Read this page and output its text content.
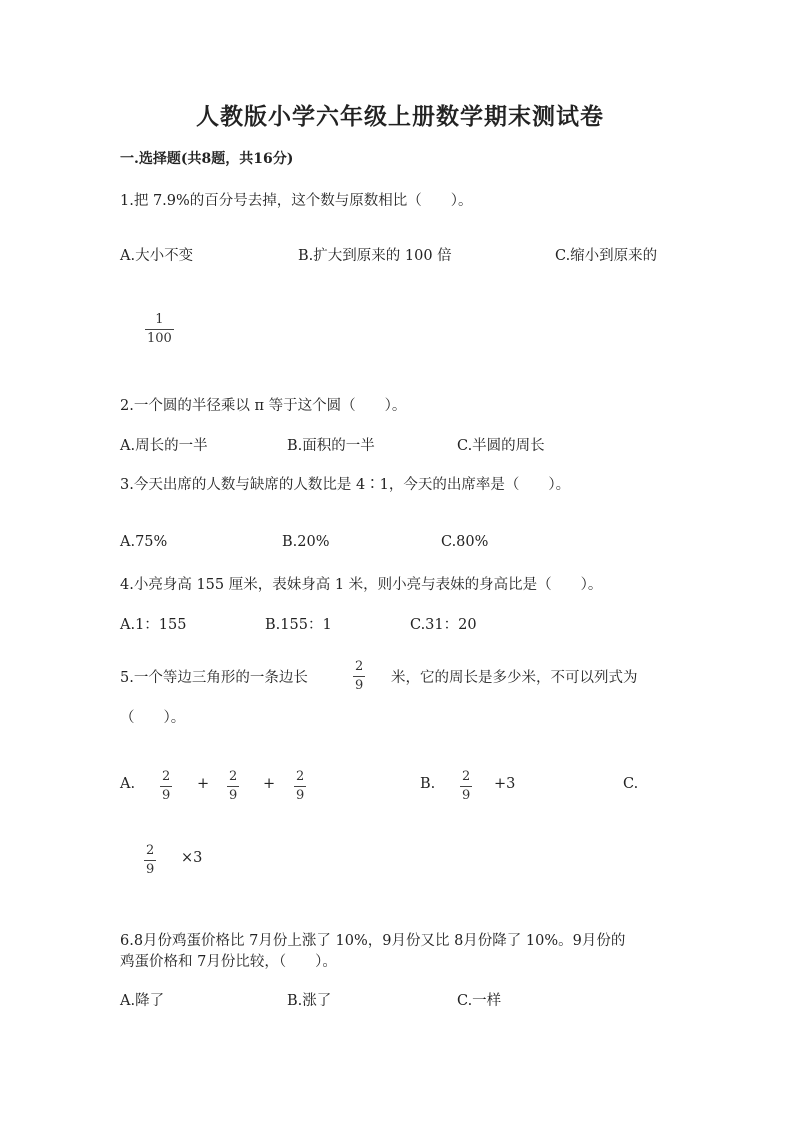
人教版小学六年级上册数学期末测试卷
一.选择题(共8题，共16分)
1.把 7.9%的百分号去掉，这个数与原数相比（　　）。
A.大小不变	B.扩大到原来的 100 倍	C.缩小到原来的
1
100
2.一个圆的半径乘以 π 等于这个圆（　　）。
A.周长的一半	B.面积的一半	C.半圆的周长
3.今天出席的人数与缺席的人数比是 4∶1，今天的出席率是（　　）。
A.75%	B.20%	C.80%
4.小亮身高 155 厘米，表妹身高 1 米，则小亮与表妹的身高比是（　　）。
A.1：155	B.155：1	C.31：20
5.一个等边三角形的一条边长
2
9 米，它的周长是多少米，不可以列式为
（　　）。
A. 2
9
+ 2
9
+ 2
9
B. 2
9
+3	C.
2
9
×3
6.8月份鸡蛋价格比 7月份上涨了 10%，9月份又比 8月份降了 10%。9月份的
鸡蛋价格和 7月份比较，（　　）。
A.降了	B.涨了	C.一样
